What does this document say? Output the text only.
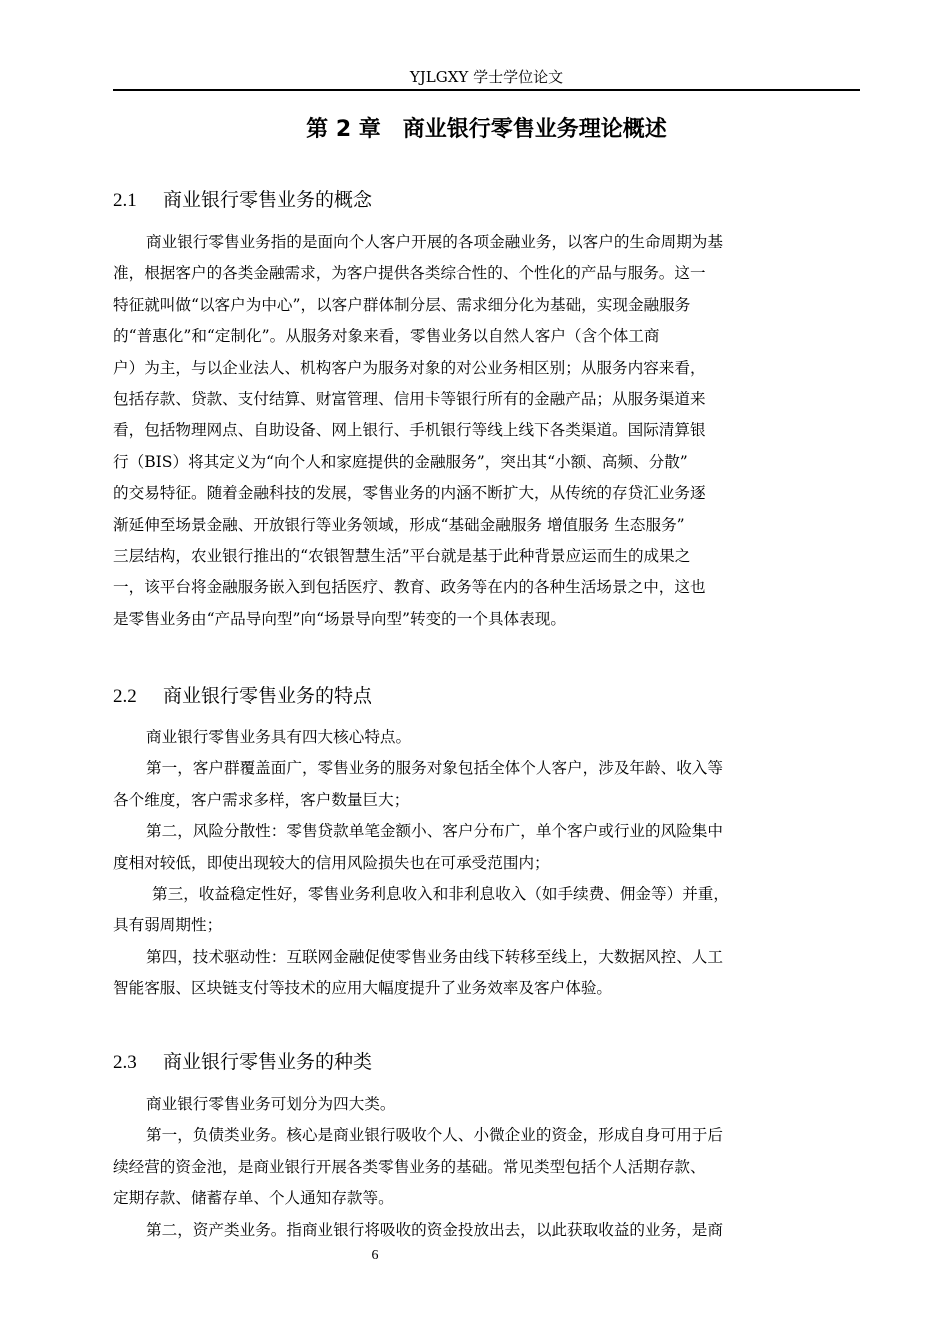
YJLGXY 学士学位论文
第 2 章　商业银行零售业务理论概述
2.1 商业银行零售业务的概念
商业银行零售业务指的是面向个人客户开展的各项金融业务，以客户的生命周期为基
准，根据客户的各类金融需求，为客户提供各类综合性的、个性化的产品与服务。这一
特征就叫做“以客户为中心”，以客户群体制分层、需求细分化为基础，实现金融服务
的“普惠化”和“定制化”。从服务对象来看，零售业务以自然人客户（含个体工商
户）为主，与以企业法人、机构客户为服务对象的对公业务相区别；从服务内容来看，
包括存款、贷款、支付结算、财富管理、信用卡等银行所有的金融产品；从服务渠道来
看，包括物理网点、自助设备、网上银行、手机银行等线上线下各类渠道。国际清算银
行（BIS）将其定义为“向个人和家庭提供的金融服务”，突出其“小额、高频、分散”
的交易特征。随着金融科技的发展，零售业务的内涵不断扩大，从传统的存贷汇业务逐
渐延伸至场景金融、开放银行等业务领域，形成“基础金融服务 增值服务 生态服务”
三层结构，农业银行推出的“农银智慧生活”平台就是基于此种背景应运而生的成果之
一，该平台将金融服务嵌入到包括医疗、教育、政务等在内的各种生活场景之中，这也
是零售业务由“产品导向型”向“场景导向型”转变的一个具体表现。
2.2 商业银行零售业务的特点
商业银行零售业务具有四大核心特点。
第一，客户群覆盖面广，零售业务的服务对象包括全体个人客户，涉及年龄、收入等
各个维度，客户需求多样，客户数量巨大；
第二，风险分散性：零售贷款单笔金额小、客户分布广，单个客户或行业的风险集中
度相对较低，即使出现较大的信用风险损失也在可承受范围内；
第三，收益稳定性好，零售业务利息收入和非利息收入（如手续费、佣金等）并重，
具有弱周期性；
第四，技术驱动性：互联网金融促使零售业务由线下转移至线上，大数据风控、人工
智能客服、区块链支付等技术的应用大幅度提升了业务效率及客户体验。
2.3 商业银行零售业务的种类
商业银行零售业务可划分为四大类。
第一，负债类业务。核心是商业银行吸收个人、小微企业的资金，形成自身可用于后
续经营的资金池，是商业银行开展各类零售业务的基础。常见类型包括个人活期存款、
定期存款、储蓄存单、个人通知存款等。
第二，资产类业务。指商业银行将吸收的资金投放出去，以此获取收益的业务，是商
6
